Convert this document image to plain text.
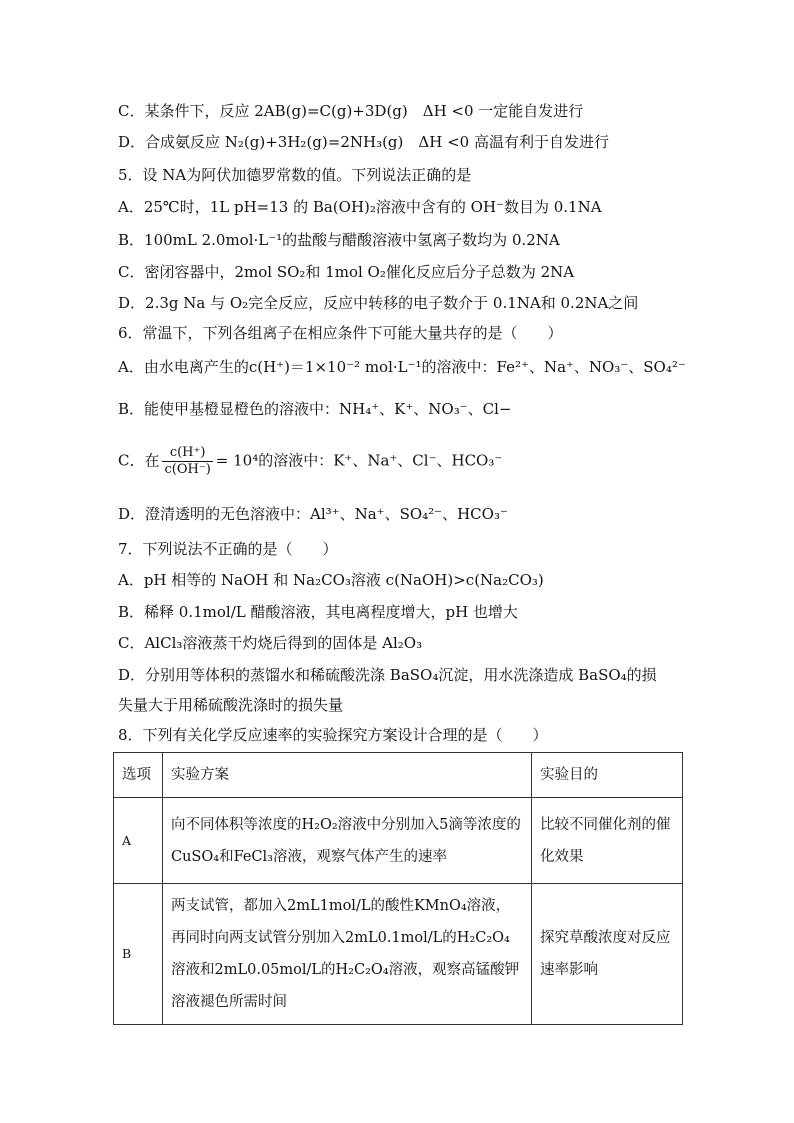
C．某条件下，反应 2AB(g)=C(g)+3D(g)　ΔH <0 一定能自发进行
D．合成氨反应 N₂(g)+3H₂(g)=2NH₃(g)　ΔH <0 高温有利于自发进行
5．设 NA为阿伏加德罗常数的值。下列说法正确的是
A．25℃时，1L pH=13 的 Ba(OH)₂溶液中含有的 OH⁻数目为 0.1NA
B．100mL 2.0mol·L⁻¹的盐酸与醋酸溶液中氢离子数均为 0.2NA
C．密闭容器中，2mol SO₂和 1mol O₂催化反应后分子总数为 2NA
D．2.3g Na 与 O₂完全反应，反应中转移的电子数介于 0.1NA和 0.2NA之间
6．常温下，下列各组离子在相应条件下可能大量共存的是（　　）
A．由水电离产生的c(H⁺)＝1×10⁻² mol·L⁻¹的溶液中：Fe²⁺、Na⁺、NO₃⁻、SO₄²⁻
B．能使甲基橙显橙色的溶液中：NH₄⁺、K⁺、NO₃⁻、Cl−
C．在 $\frac{c(H^+)}{c(OH^-)} = 10^4$的溶液中：K⁺、Na⁺、Cl⁻、HCO₃⁻
D．澄清透明的无色溶液中：Al³⁺、Na⁺、SO₄²⁻、HCO₃⁻
7．下列说法不正确的是（　　）
A．pH 相等的 NaOH 和 Na₂CO₃溶液 c(NaOH)>c(Na₂CO₃)
B．稀释 0.1mol/L 醋酸溶液，其电离程度增大，pH 也增大
C．AlCl₃溶液蒸干灼烧后得到的固体是 Al₂O₃
D．分别用等体积的蒸馏水和稀硫酸洗涤 BaSO₄沉淀，用水洗涤造成 BaSO₄的损
失量大于用稀硫酸洗涤时的损失量
8．下列有关化学反应速率的实验探究方案设计合理的是（　　）
选项	实验方案	实验目的
A	向不同体积等浓度的H₂O₂溶液中分别加入5滴等浓度的CuSO₄和FeCl₃溶液，观察气体产生的速率	比较不同催化剂的催化效果
B	两支试管，都加入2mL1mol/L的酸性KMnO₄溶液，再同时向两支试管分别加入2mL0.1mol/L的H₂C₂O₄溶液和2mL0.05mol/L的H₂C₂O₄溶液，观察高锰酸钾溶液褪色所需时间	探究草酸浓度对反应速率影响
